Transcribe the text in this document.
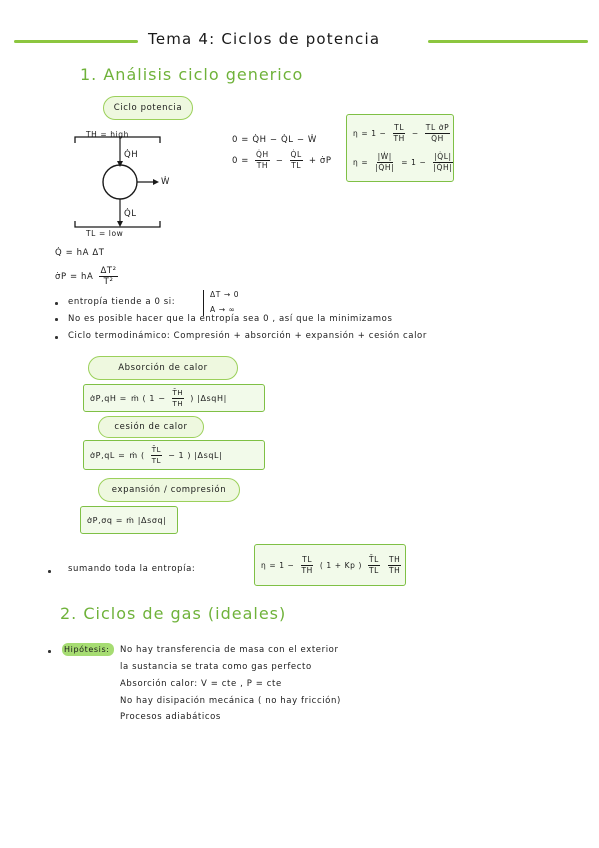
Tema 4: Ciclos de potencia
1. Análisis ciclo generico
Ciclo potencia
TH = high
Q̇H
Ẇ
Q̇L
TL = low
0 = Q̇H − Q̇L − Ẇ
$0 = \frac{Q̇H}{TH} - \frac{Q̇L}{TL}$ + σ̇P
$\eta = 1 - \frac{TL}{TH} - \frac{\text{TL σ̇P}}{Q̇H}$
$\eta = \frac{\text{|Ẇ|}}{|Q̇H|} = 1 - \frac{|Q̇L|}{|Q̇H|}$
Q̇ = hA ΔT
σ̇P = hA $\frac{\text{ΔT²}}{\text{T²}}$
entropía tiende a 0 si:
ΔT → 0
A → ∞
No es posible hacer que la entropía sea 0 , así que la minimizamos
Ciclo termodinámico: Compresión + absorción + expansión + cesión calor
Absorción de calor
σ̇P,qH = ṁ ( $1 - \frac{T̄H}{TH}$ ) |ΔsqH|
cesión de calor
σ̇P,qL = ṁ ( $\frac{T̄L}{TL} - 1$ ) |ΔsqL|
expansión / compresión
σ̇P,σq = ṁ |Δsσq|
sumando toda la entropía:	$\eta = 1 - \frac{TL}{TH}$ ( 1 + Kp ) $\frac{T̄L}{TL} \frac{TH}{T̄H}$
2. Ciclos de gas (ideales)
Hipótesis: No hay transferencia de masa con el exterior
la sustancia se trata como gas perfecto
Absorción calor: V = cte , P = cte
No hay disipación mecánica ( no hay fricción)
Procesos adiabáticos
